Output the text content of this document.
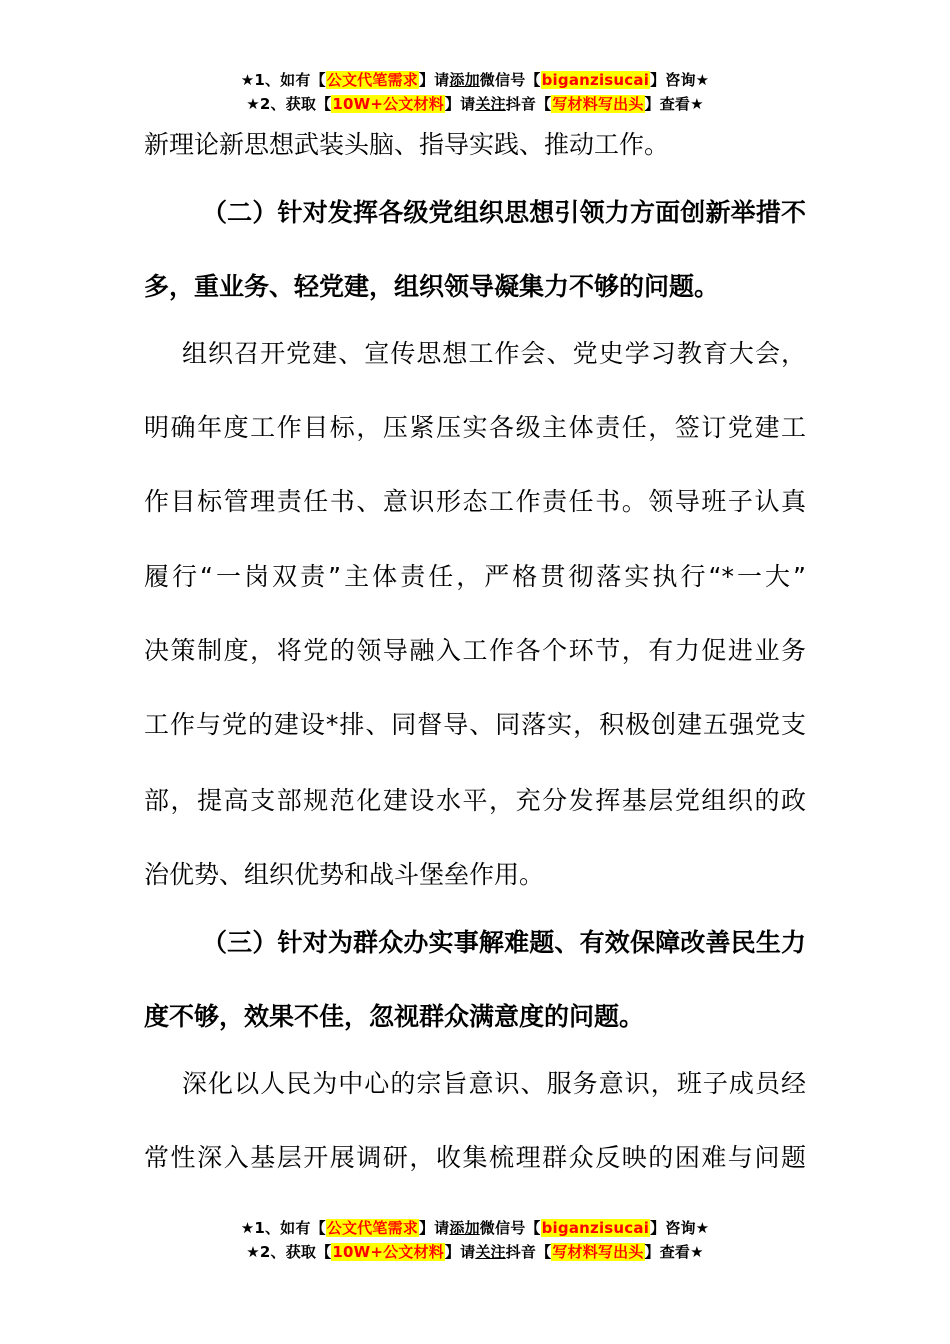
★1、如有【公文代笔需求】请添加微信号【biganzisucai】咨询★
★2、获取【10W+公文材料】请关注抖音【写材料写出头】查看★
新理论新思想武装头脑、指导实践、推动工作。
（二）针对发挥各级党组织思想引领力方面创新举措不
多，重业务、轻党建，组织领导凝集力不够的问题。
组织召开党建、宣传思想工作会、党史学习教育大会，
明确年度工作目标，压紧压实各级主体责任，签订党建工
作目标管理责任书、意识形态工作责任书。领导班子认真
履行“一岗双责”主体责任，严格贯彻落实执行“*一大”
决策制度，将党的领导融入工作各个环节，有力促进业务
工作与党的建设*排、同督导、同落实，积极创建五强党支
部，提高支部规范化建设水平，充分发挥基层党组织的政
治优势、组织优势和战斗堡垒作用。
（三）针对为群众办实事解难题、有效保障改善民生力
度不够，效果不佳，忽视群众满意度的问题。
深化以人民为中心的宗旨意识、服务意识，班子成员经
常性深入基层开展调研，收集梳理群众反映的困难与问题
★1、如有【公文代笔需求】请添加微信号【biganzisucai】咨询★
★2、获取【10W+公文材料】请关注抖音【写材料写出头】查看★
